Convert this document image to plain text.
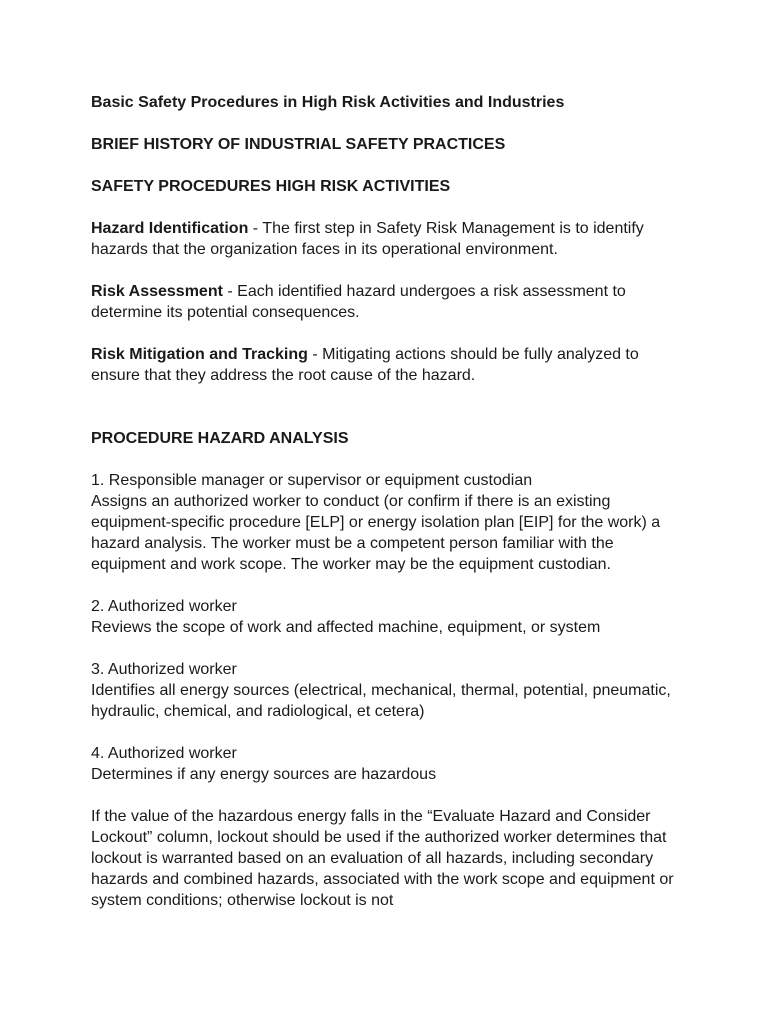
Basic Safety Procedures in High Risk Activities and Industries

BRIEF HISTORY OF INDUSTRIAL SAFETY PRACTICES

SAFETY PROCEDURES HIGH RISK ACTIVITIES

Hazard Identification - The first step in Safety Risk Management is to identify hazards that the organization faces in its operational environment.

Risk Assessment - Each identified hazard undergoes a risk assessment to determine its potential consequences.

Risk Mitigation and Tracking - Mitigating actions should be fully analyzed to ensure that they address the root cause of the hazard.

PROCEDURE HAZARD ANALYSIS

1. Responsible manager or supervisor or equipment custodian
Assigns an authorized worker to conduct (or confirm if there is an existing equipment-specific procedure [ELP] or energy isolation plan [EIP] for the work) a hazard analysis. The worker must be a competent person familiar with the equipment and work scope. The worker may be the equipment custodian.

2. Authorized worker
Reviews the scope of work and affected machine, equipment, or system

3. Authorized worker
Identifies all energy sources (electrical, mechanical, thermal, potential, pneumatic, hydraulic, chemical, and radiological, et cetera)

4. Authorized worker
Determines if any energy sources are hazardous

If the value of the hazardous energy falls in the “Evaluate Hazard and Consider Lockout” column, lockout should be used if the authorized worker determines that lockout is warranted based on an evaluation of all hazards, including secondary hazards and combined hazards, associated with the work scope and equipment or system conditions; otherwise lockout is not
